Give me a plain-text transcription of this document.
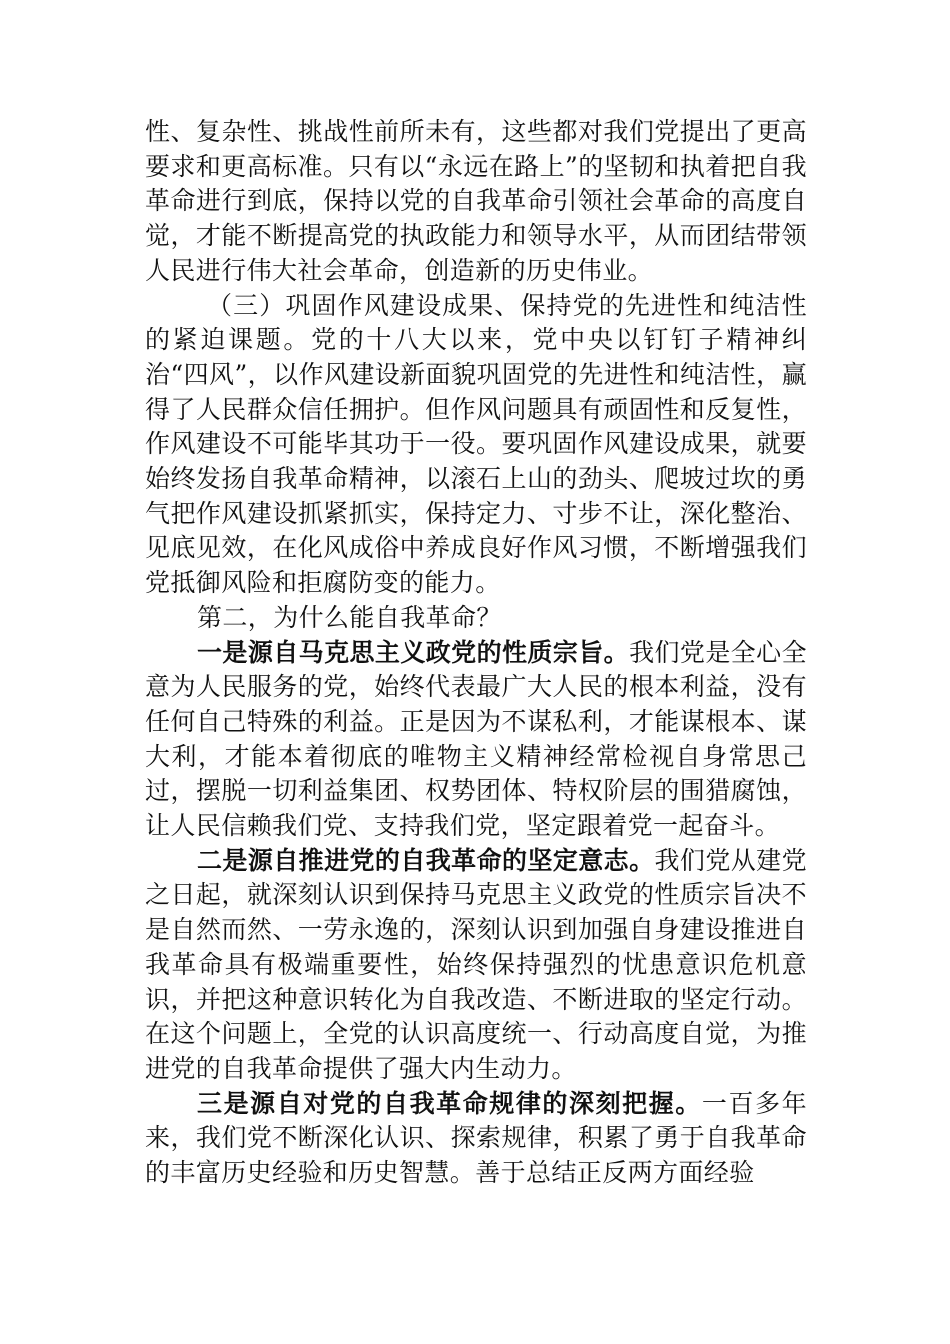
性、复杂性、挑战性前所未有，这些都对我们党提出了更高要求和更高标准。只有以“永远在路上”的坚韧和执着把自我革命进行到底，保持以党的自我革命引领社会革命的高度自觉，才能不断提高党的执政能力和领导水平，从而团结带领人民进行伟大社会革命，创造新的历史伟业。

（三）巩固作风建设成果、保持党的先进性和纯洁性的紧迫课题。党的十八大以来，党中央以钉钉子精神纠治“四风”，以作风建设新面貌巩固党的先进性和纯洁性，赢得了人民群众信任拥护。但作风问题具有顽固性和反复性，作风建设不可能毕其功于一役。要巩固作风建设成果，就要始终发扬自我革命精神，以滚石上山的劲头、爬坡过坎的勇气把作风建设抓紧抓实，保持定力、寸步不让，深化整治、见底见效，在化风成俗中养成良好作风习惯，不断增强我们党抵御风险和拒腐防变的能力。

第二，为什么能自我革命？

一是源自马克思主义政党的性质宗旨。我们党是全心全意为人民服务的党，始终代表最广大人民的根本利益，没有任何自己特殊的利益。正是因为不谋私利，才能谋根本、谋大利，才能本着彻底的唯物主义精神经常检视自身常思己过，摆脱一切利益集团、权势团体、特权阶层的围猎腐蚀，让人民信赖我们党、支持我们党，坚定跟着党一起奋斗。

二是源自推进党的自我革命的坚定意志。我们党从建党之日起，就深刻认识到保持马克思主义政党的性质宗旨决不是自然而然、一劳永逸的，深刻认识到加强自身建设推进自我革命具有极端重要性，始终保持强烈的忧患意识危机意识，并把这种意识转化为自我改造、不断进取的坚定行动。在这个问题上，全党的认识高度统一、行动高度自觉，为推进党的自我革命提供了强大内生动力。

三是源自对党的自我革命规律的深刻把握。一百多年来，我们党不断深化认识、探索规律，积累了勇于自我革命的丰富历史经验和历史智慧。善于总结正反两方面经验
